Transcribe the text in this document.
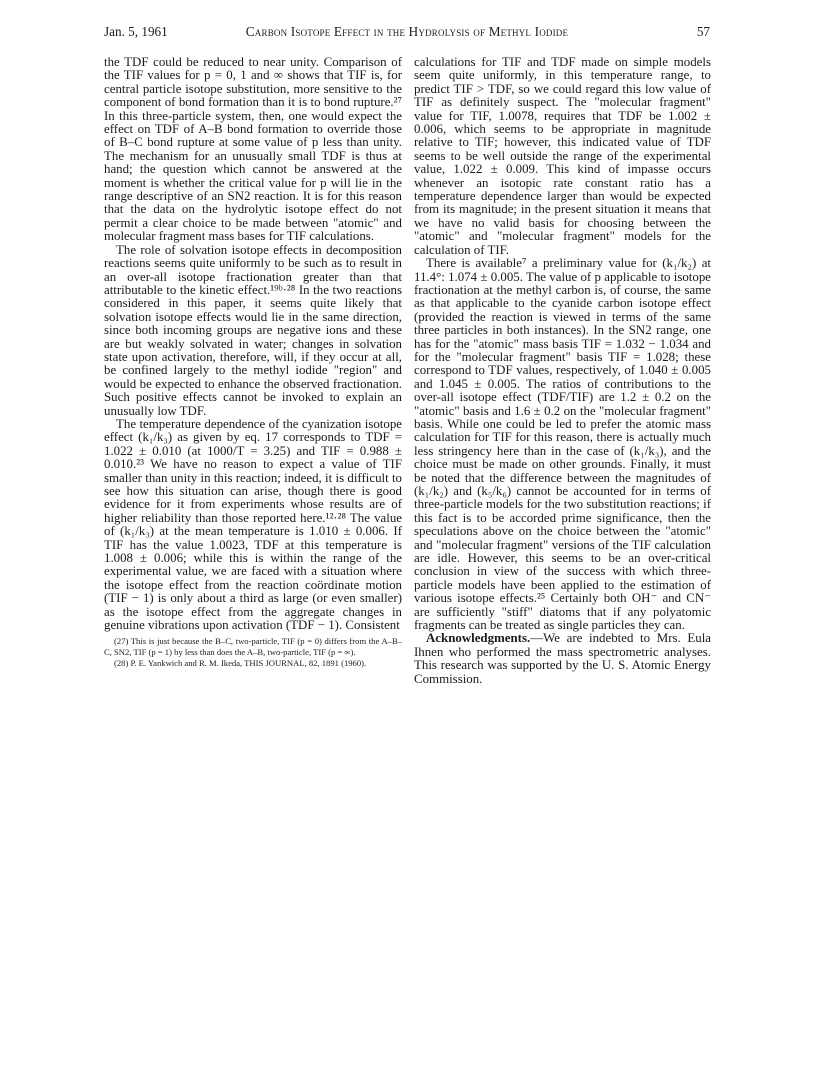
Jan. 5, 1961	Carbon Isotope Effect in the Hydrolysis of Methyl Iodide	57

the TDF could be reduced to near unity. Comparison of the TIF values for p = 0, 1 and ∞ shows that TIF is, for central particle isotope substitution, more sensitive to the component of bond formation than it is to bond rupture.²⁷ In this three-particle system, then, one would expect the effect on TDF of A–B bond formation to override those of B–C bond rupture at some value of p less than unity. The mechanism for an unusually small TDF is thus at hand; the question which cannot be answered at the moment is whether the critical value for p will lie in the range descriptive of an SN2 reaction. It is for this reason that the data on the hydrolytic isotope effect do not permit a clear choice to be made between "atomic" and molecular fragment mass bases for TIF calculations.

The role of solvation isotope effects in decomposition reactions seems quite uniformly to be such as to result in an over-all isotope fractionation greater than that attributable to the kinetic effect.¹⁹ᵇ·²⁸ In the two reactions considered in this paper, it seems quite likely that solvation isotope effects would lie in the same direction, since both incoming groups are negative ions and these are but weakly solvated in water; changes in solvation state upon activation, therefore, will, if they occur at all, be confined largely to the methyl iodide "region" and would be expected to enhance the observed fractionation. Such positive effects cannot be invoked to explain an unusually low TDF.

The temperature dependence of the cyanization isotope effect (k₁/k₃) as given by eq. 17 corresponds to TDF = 1.022 ± 0.010 (at 1000/T = 3.25) and TIF = 0.988 ± 0.010.²³ We have no reason to expect a value of TIF smaller than unity in this reaction; indeed, it is difficult to see how this situation can arise, though there is good evidence for it from experiments whose results are of higher reliability than those reported here.¹²·²⁸ The value of (k₁/k₃) at the mean temperature is 1.010 ± 0.006. If TIF has the value 1.0023, TDF at this temperature is 1.008 ± 0.006; while this is within the range of the experimental value, we are faced with a situation where the isotope effect from the reaction coördinate motion (TIF − 1) is only about a third as large (or even smaller) as the isotope effect from the aggregate changes in genuine vibrations upon activation (TDF − 1). Consistent

(27) This is just because the B–C, two-particle, TIF (p = 0) differs from the A–B–C, SN2, TIF (p = 1) by less than does the A–B, two-particle, TIF (p = ∞).

(28) P. E. Yankwich and R. M. Ikeda, THIS JOURNAL, 82, 1891 (1960).

calculations for TIF and TDF made on simple models seem quite uniformly, in this temperature range, to predict TIF > TDF, so we could regard this low value of TIF as definitely suspect. The "molecular fragment" value for TIF, 1.0078, requires that TDF be 1.002 ± 0.006, which seems to be appropriate in magnitude relative to TIF; however, this indicated value of TDF seems to be well outside the range of the experimental value, 1.022 ± 0.009. This kind of impasse occurs whenever an isotopic rate constant ratio has a temperature dependence larger than would be expected from its magnitude; in the present situation it means that we have no valid basis for choosing between the "atomic" and "molecular fragment" models for the calculation of TIF.

There is available⁷ a preliminary value for (k₁/k₂) at 11.4°: 1.074 ± 0.005. The value of p applicable to isotope fractionation at the methyl carbon is, of course, the same as that applicable to the cyanide carbon isotope effect (provided the reaction is viewed in terms of the same three particles in both instances). In the SN2 range, one has for the "atomic" mass basis TIF = 1.032 − 1.034 and for the "molecular fragment" basis TIF = 1.028; these correspond to TDF values, respectively, of 1.040 ± 0.005 and 1.045 ± 0.005. The ratios of contributions to the over-all isotope effect (TDF/TIF) are 1.2 ± 0.2 on the "atomic" basis and 1.6 ± 0.2 on the "molecular fragment" basis. While one could be led to prefer the atomic mass calculation for TIF for this reason, there is actually much less stringency here than in the case of (k₁/k₃), and the choice must be made on other grounds. Finally, it must be noted that the difference between the magnitudes of (k₁/k₂) and (k₅/k₆) cannot be accounted for in terms of three-particle models for the two substitution reactions; if this fact is to be accorded prime significance, then the speculations above on the choice between the "atomic" and "molecular fragment" versions of the TIF calculation are idle. However, this seems to be an over-critical conclusion in view of the success with which three-particle models have been applied to the estimation of various isotope effects.²⁵ Certainly both OH⁻ and CN⁻ are sufficiently "stiff" diatoms that if any polyatomic fragments can be treated as single particles they can.

Acknowledgments.—We are indebted to Mrs. Eula Ihnen who performed the mass spectrometric analyses. This research was supported by the U. S. Atomic Energy Commission.
